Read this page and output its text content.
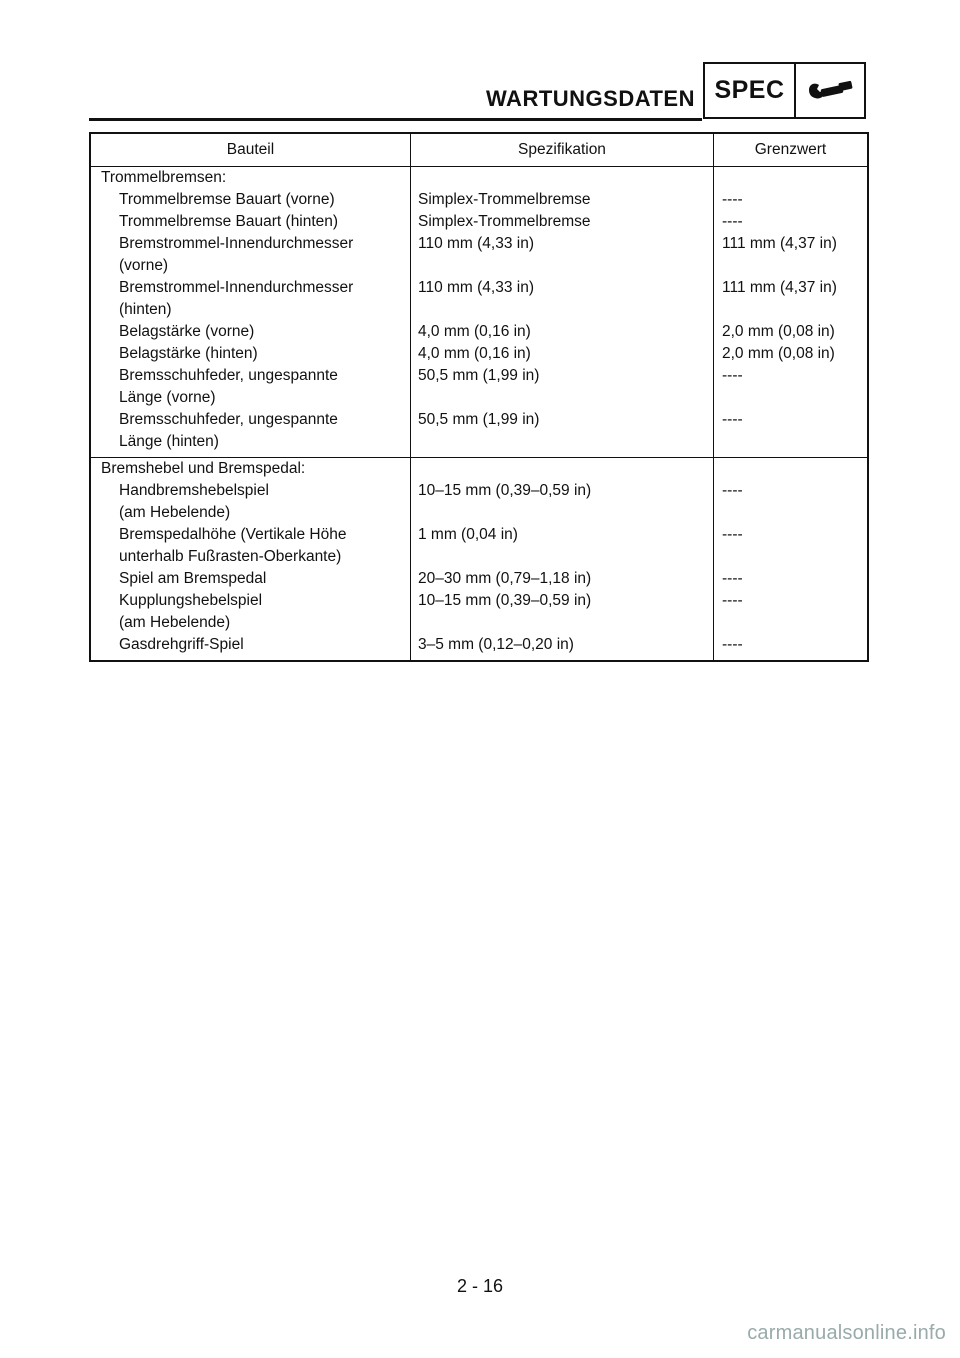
WARTUNGSDATEN SPEC
Bauteil	Spezifikation	Grenzwert
Trommelbremsen:
Trommelbremse Bauart (vorne)
Trommelbremse Bauart (hinten)
Bremstrommel-Innendurchmesser
(vorne)
Bremstrommel-Innendurchmesser
(hinten)
Belagstärke (vorne)
Belagstärke (hinten)
Bremsschuhfeder, ungespannte
Länge (vorne)
Bremsschuhfeder, ungespannte
Länge (hinten)
Simplex-Trommelbremse
Simplex-Trommelbremse
110 mm (4,33 in)
110 mm (4,33 in)
4,0 mm (0,16 in)
4,0 mm (0,16 in)
50,5 mm (1,99 in)
50,5 mm (1,99 in)
----
----
111 mm (4,37 in)
111 mm (4,37 in)
2,0 mm (0,08 in)
2,0 mm (0,08 in)
----
----
Bremshebel und Bremspedal:
Handbremshebelspiel
(am Hebelende)
Bremspedalhöhe (Vertikale Höhe
unterhalb Fußrasten-Oberkante)
Spiel am Bremspedal
Kupplungshebelspiel
(am Hebelende)
Gasdrehgriff-Spiel
10–15 mm (0,39–0,59 in)
1 mm (0,04 in)
20–30 mm (0,79–1,18 in)
10–15 mm (0,39–0,59 in)
3–5 mm (0,12–0,20 in)
----
----
----
----
----
2 - 16
carmanualsonline.info
